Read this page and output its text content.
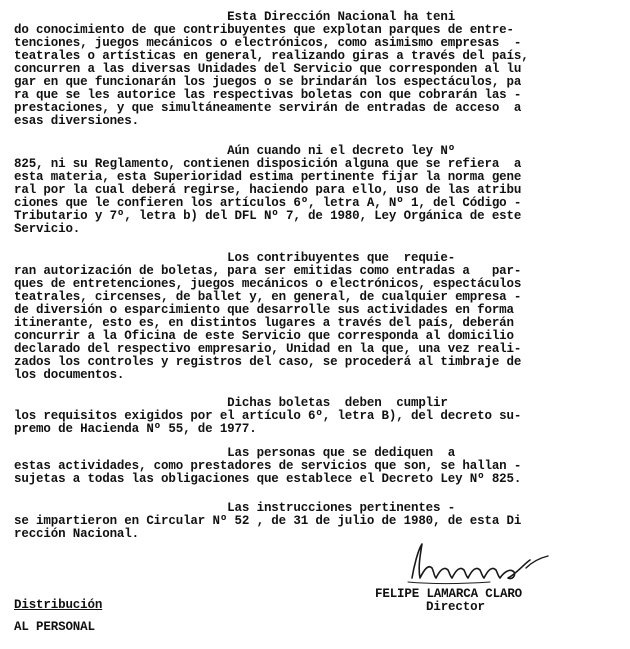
Esta Dirección Nacional ha teni
do conocimiento de que contribuyentes que explotan parques de entre-
tenciones, juegos mecánicos o electrónicos, como asimismo empresas  -
teatrales o artísticas en general, realizando giras a través del país,
concurren a las diversas Unidades del Servicio que corresponden al lu
gar en que funcionarán los juegos o se brindarán los espectáculos, pa
ra que se les autorice las respectivas boletas con que cobrarán las -
prestaciones, y que simultáneamente servirán de entradas de acceso  a
esas diversiones.
Aún cuando ni el decreto ley Nº
825, ni su Reglamento, contienen disposición alguna que se refiera  a
esta materia, esta Superioridad estima pertinente fijar la norma gene
ral por la cual deberá regirse, haciendo para ello, uso de las atribu
ciones que le confieren los artículos 6º, letra A, Nº 1, del Código -
Tributario y 7º, letra b) del DFL Nº 7, de 1980, Ley Orgánica de este
Servicio.
Los contribuyentes que  requie-
ran autorización de boletas, para ser emitidas como entradas a   par-
ques de entretenciones, juegos mecánicos o electrónicos, espectáculos
teatrales, circenses, de ballet y, en general, de cualquier empresa -
de diversión o esparcimiento que desarrolle sus actividades en forma
itinerante, esto es, en distintos lugares a través del país, deberán
concurrir a la Oficina de este Servicio que corresponda al domicilio
declarado del respectivo empresario, Unidad en la que, una vez reali-
zados los controles y registros del caso, se procederá al timbraje de
los documentos.
Dichas boletas  deben  cumplir
los requisitos exigidos por el artículo 6º, letra B), del decreto su-
premo de Hacienda Nº 55, de 1977.
Las personas que se dediquen  a
estas actividades, como prestadores de servicios que son, se hallan -
sujetas a todas las obligaciones que establece el Decreto Ley Nº 825.
Las instrucciones pertinentes -
se impartieron en Circular Nº 52 , de 31 de julio de 1980, de esta Di
rección Nacional.
FELIPE LAMARCA CLARO
Director
Distribución
AL PERSONAL
